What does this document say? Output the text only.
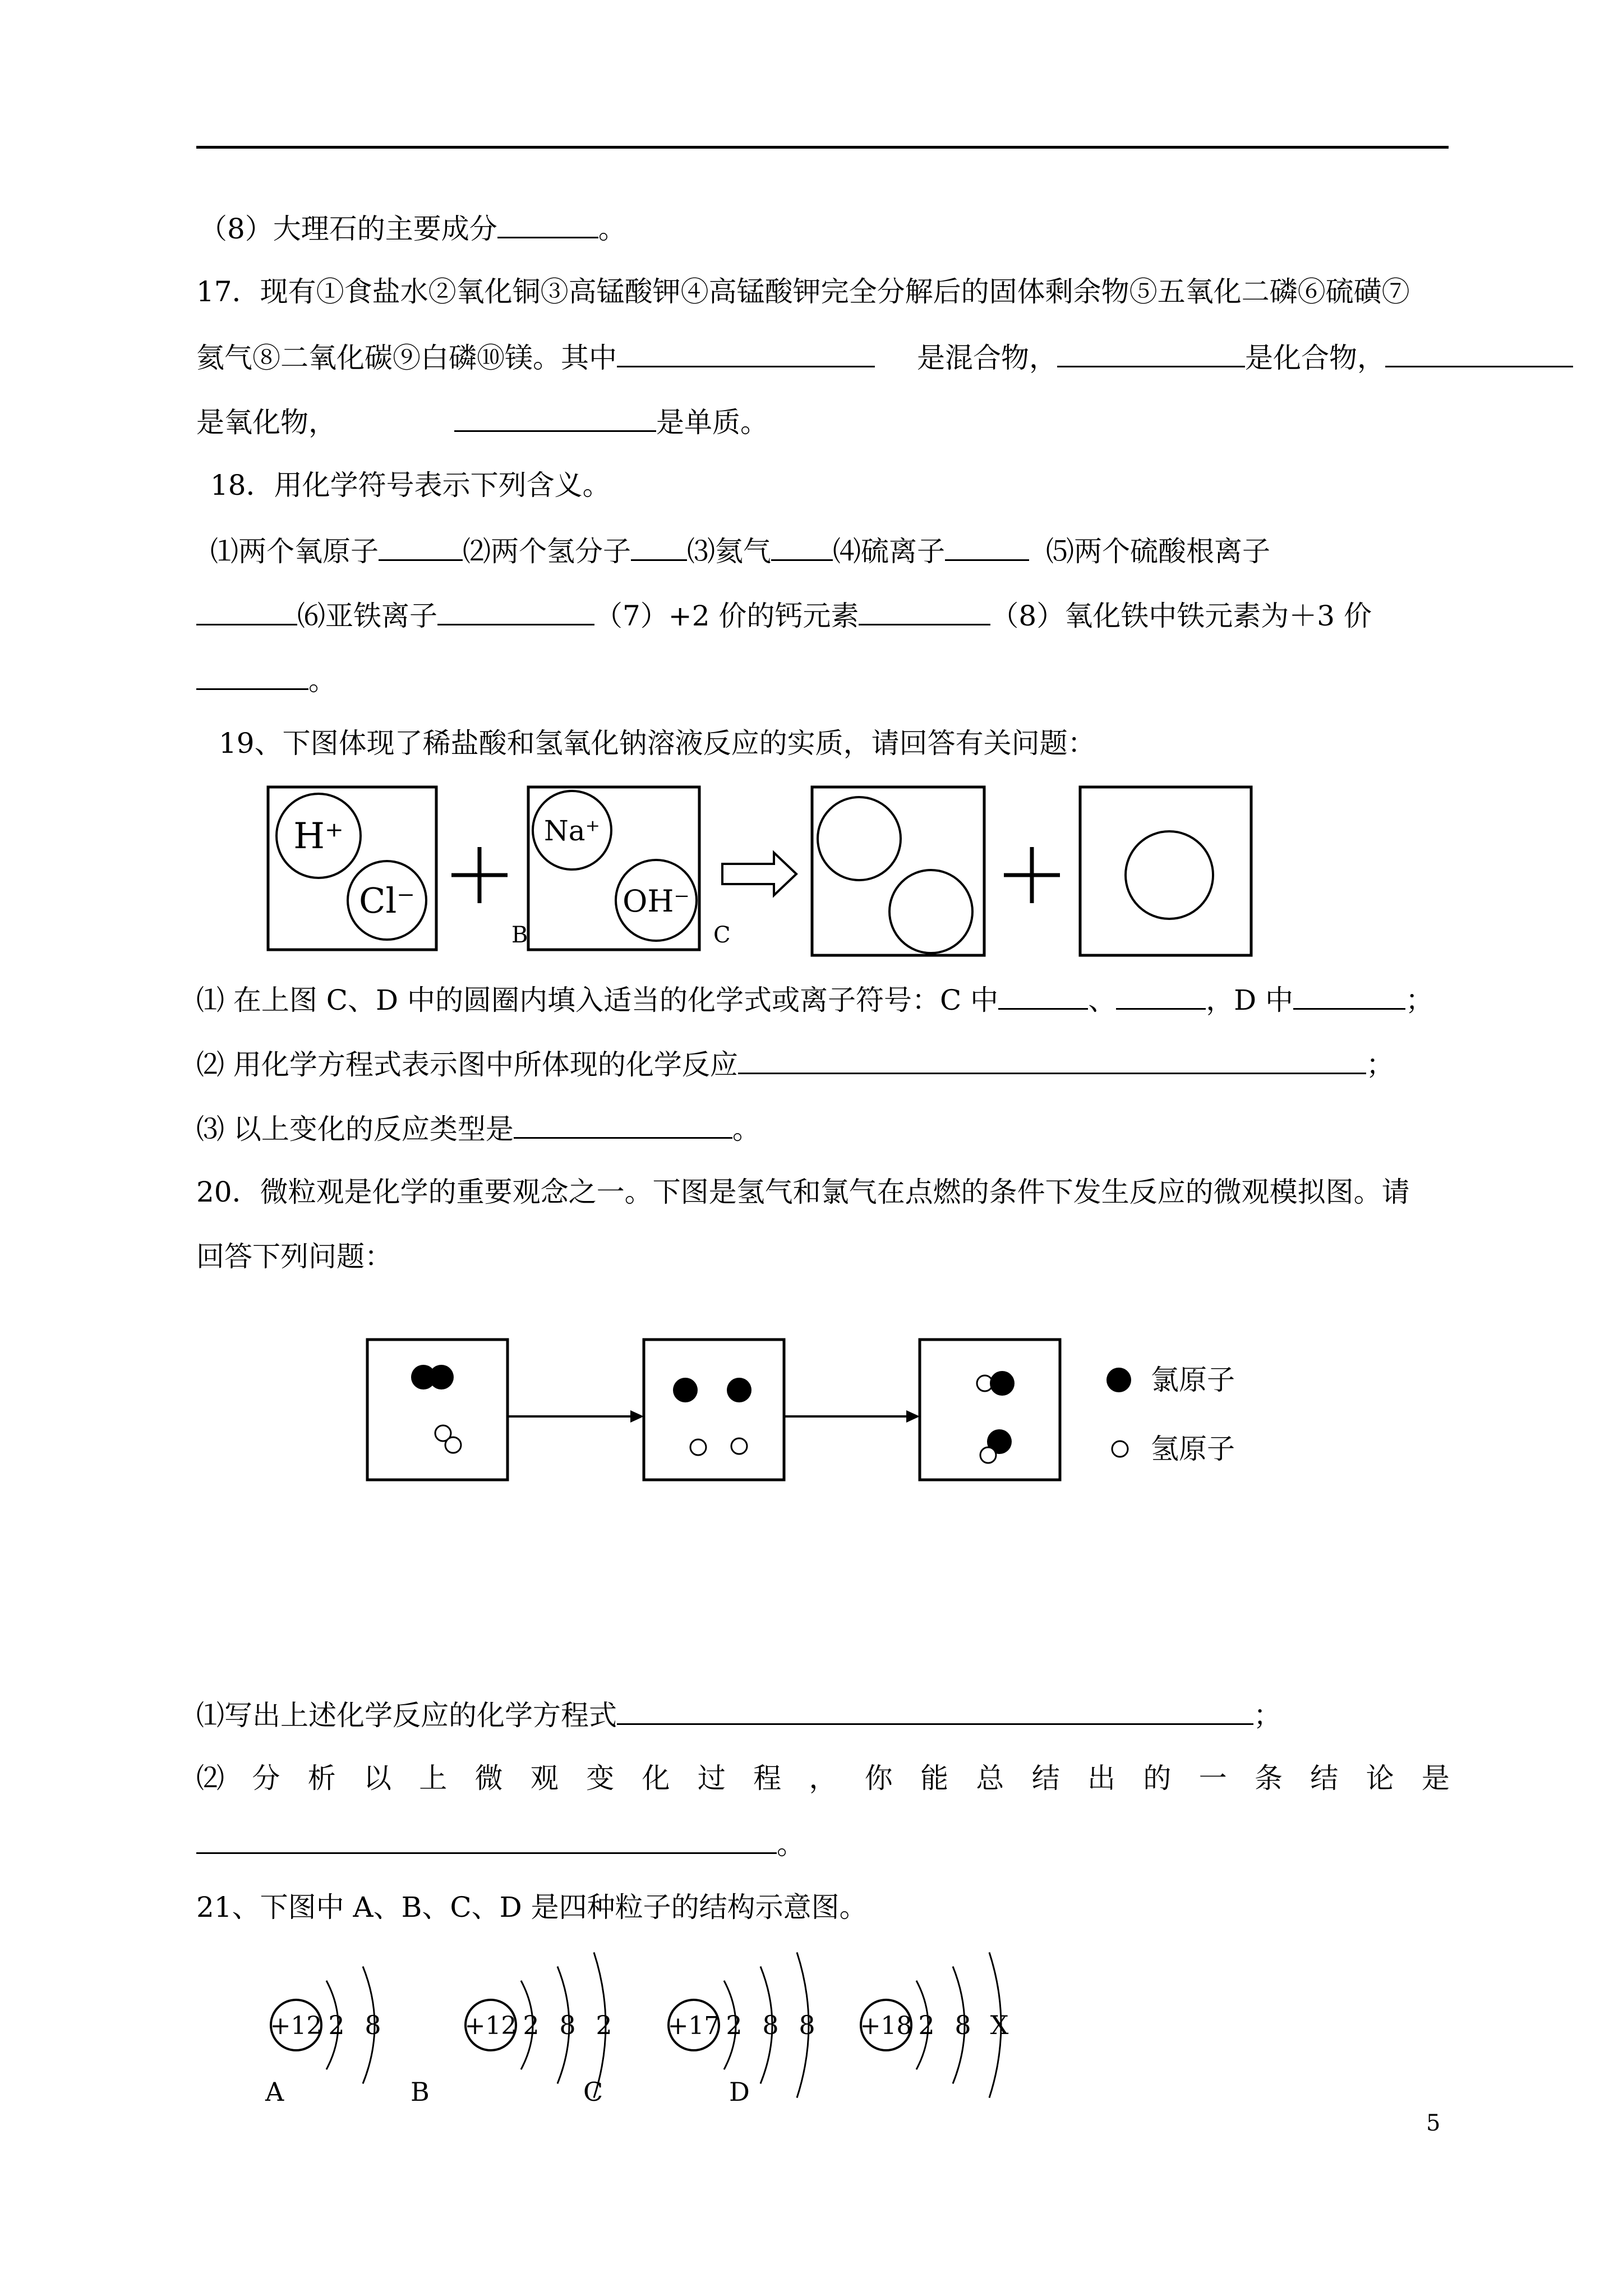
（8）大理石的主要成分	。
17．现有①食盐水②氧化铜③高锰酸钾④高锰酸钾完全分解后的固体剩余物⑤五氧化二磷⑥硫磺⑦
氦气⑧二氧化碳⑨白磷⑩镁。其中	是混合物，	是化合物，
是氧化物，	是单质。
18．用化学符号表示下列含义。
⑴两个氧原子	⑵两个氢分子 ⑶氦气 ⑷硫离子	⑸两个硫酸根离子
⑹亚铁离子	（7）+2 价的钙元素	（8）氧化铁中铁元素为＋3 价
。
19、下图体现了稀盐酸和氢氧化钠溶液反应的实质，请回答有关问题：
H⁺
Cl⁻
B
Na⁺
OH⁻
C
⑴ 在上图 C、D 中的圆圈内填入适当的化学式或离子符号：C 中	、	，D 中	；
⑵ 用化学方程式表示图中所体现的化学反应	；
⑶ 以上变化的反应类型是	。
20．微粒观是化学的重要观念之一。下图是氢气和氯气在点燃的条件下发生反应的微观模拟图。请
回答下列问题：
氯原子
氢原子
⑴写出上述化学反应的化学方程式	；
⑵ 分 析 以 上 微 观 变 化 过 程 ， 你 能 总 结 出 的 一 条 结 论 是
。
21、下图中 A、B、C、D 是四种粒子的结构示意图。
+12 2 8
A
+12 2 8 2
B
+17 2 8 8
C
+18 2 8 X
D
5
